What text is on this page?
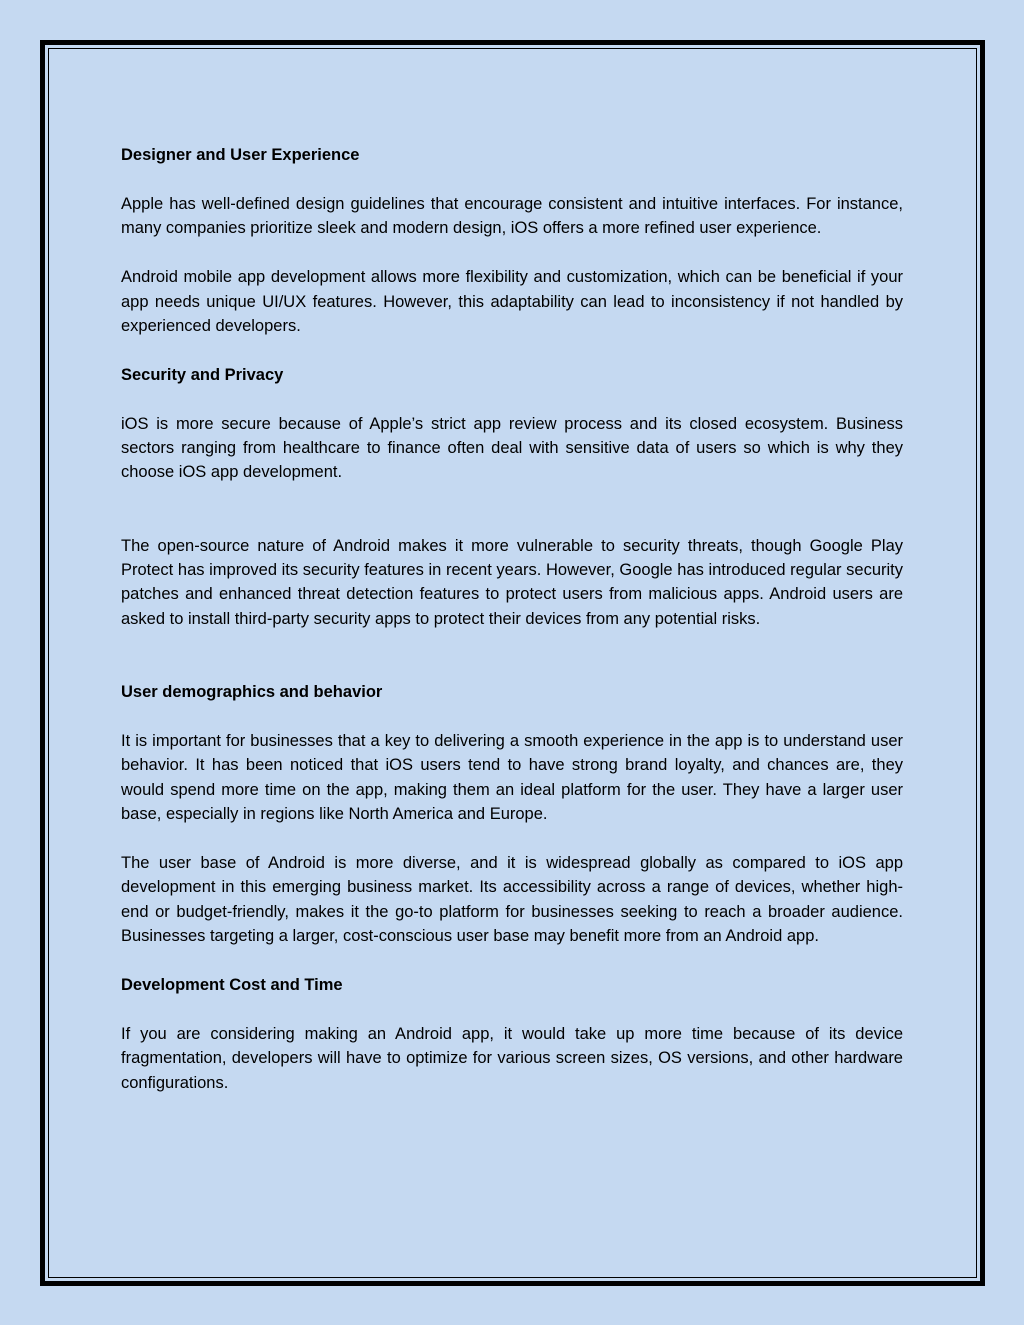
Designer and User Experience

Apple has well-defined design guidelines that encourage consistent and intuitive interfaces. For instance, many companies prioritize sleek and modern design, iOS offers a more refined user experience.

Android mobile app development allows more flexibility and customization, which can be beneficial if your app needs unique UI/UX features. However, this adaptability can lead to inconsistency if not handled by experienced developers.

Security and Privacy

iOS is more secure because of Apple’s strict app review process and its closed ecosystem. Business sectors ranging from healthcare to finance often deal with sensitive data of users so which is why they choose iOS app development.

The open-source nature of Android makes it more vulnerable to security threats, though Google Play Protect has improved its security features in recent years. However, Google has introduced regular security patches and enhanced threat detection features to protect users from malicious apps. Android users are asked to install third-party security apps to protect their devices from any potential risks.

User demographics and behavior

It is important for businesses that a key to delivering a smooth experience in the app is to understand user behavior. It has been noticed that iOS users tend to have strong brand loyalty, and chances are, they would spend more time on the app, making them an ideal platform for the user. They have a larger user base, especially in regions like North America and Europe.

The user base of Android is more diverse, and it is widespread globally as compared to iOS app development in this emerging business market. Its accessibility across a range of devices, whether high-end or budget-friendly, makes it the go-to platform for businesses seeking to reach a broader audience. Businesses targeting a larger, cost-conscious user base may benefit more from an Android app.

Development Cost and Time

If you are considering making an Android app, it would take up more time because of its device fragmentation, developers will have to optimize for various screen sizes, OS versions, and other hardware configurations.
